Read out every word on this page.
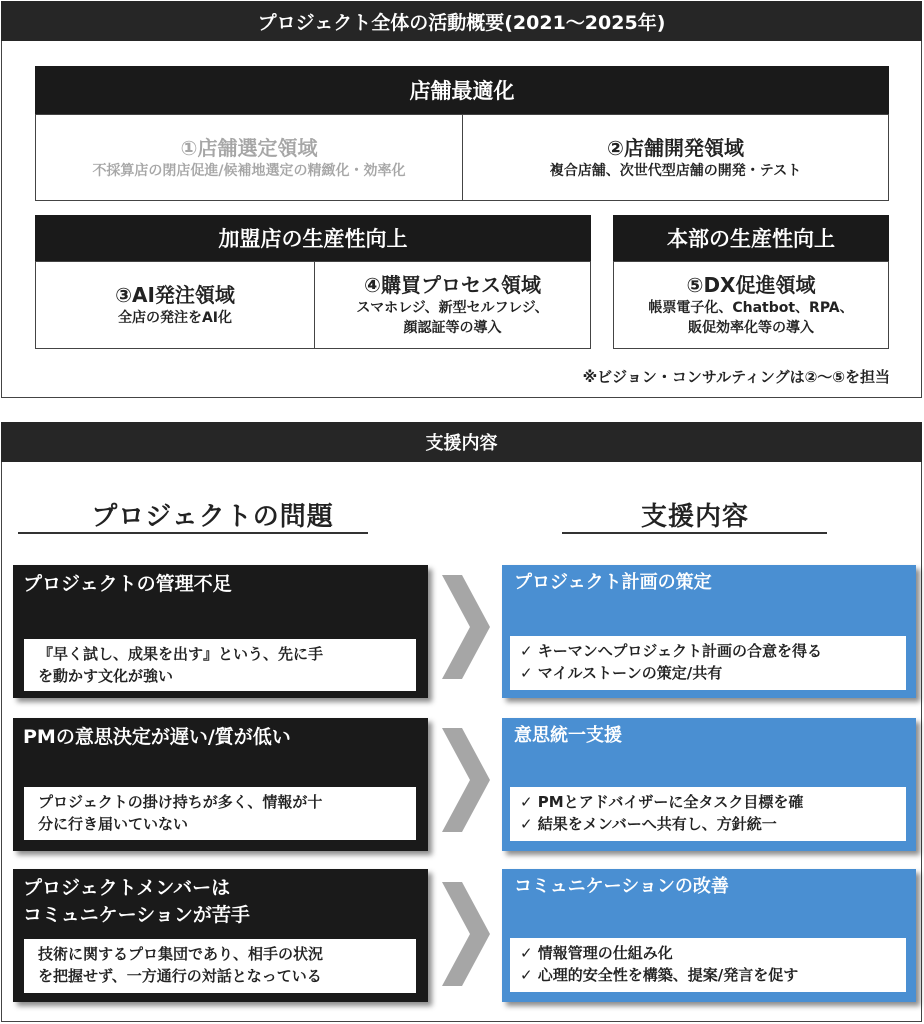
プロジェクト全体の活動概要(2021～2025年)
店舗最適化
①店舗選定領域
不採算店の閉店促進/候補地選定の精緻化・効率化
②店舗開発領域
複合店舗、次世代型店舗の開発・テスト
加盟店の生産性向上
③AI発注領域
全店の発注をAI化
④購買プロセス領域
スマホレジ、新型セルフレジ、
顔認証等の導入
本部の生産性向上
⑤DX促進領域
帳票電子化、Chatbot、RPA、
販促効率化等の導入
※ビジョン・コンサルティングは②～⑤を担当
支援内容
プロジェクトの問題	支援内容
プロジェクトの管理不足
『早く試し、成果を出す』という、先に手
を動かす文化が強い
プロジェクト計画の策定
✓ キーマンへプロジェクト計画の合意を得る
✓ マイルストーンの策定/共有
PMの意思決定が遅い/質が低い
プロジェクトの掛け持ちが多く、情報が十
分に行き届いていない
意思統一支援
✓ PMとアドバイザーに全タスク目標を確
✓ 結果をメンバーへ共有し、方針統一
プロジェクトメンバーは
コミュニケーションが苦手
技術に関するプロ集団であり、相手の状況
を把握せず、一方通行の対話となっている
コミュニケーションの改善
✓ 情報管理の仕組み化
✓ 心理的安全性を構築、提案/発言を促す
